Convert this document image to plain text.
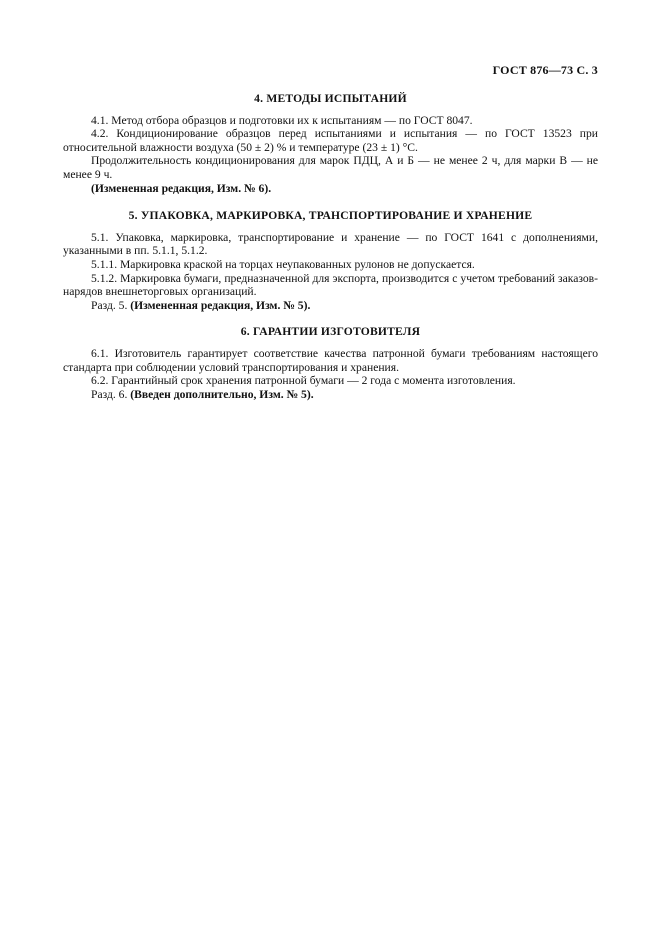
ГОСТ 876—73 С. 3
4. МЕТОДЫ ИСПЫТАНИЙ

4.1. Метод отбора образцов и подготовки их к испытаниям — по ГОСТ 8047.

4.2. Кондиционирование образцов перед испытаниями и испытания — по ГОСТ 13523 при относительной влажности воздуха (50 ± 2) % и температуре (23 ± 1) °С.

Продолжительность кондиционирования для марок ПДЦ, А и Б — не менее 2 ч, для марки В — не менее 9 ч.

(Измененная редакция, Изм. № 6).

5. УПАКОВКА, МАРКИРОВКА, ТРАНСПОРТИРОВАНИЕ И ХРАНЕНИЕ

5.1. Упаковка, маркировка, транспортирование и хранение — по ГОСТ 1641 с дополнениями, указанными в пп. 5.1.1, 5.1.2.

5.1.1. Маркировка краской на торцах неупакованных рулонов не допускается.

5.1.2. Маркировка бумаги, предназначенной для экспорта, производится с учетом требований заказов-нарядов внешнеторговых организаций.

Разд. 5. (Измененная редакция, Изм. № 5).

6. ГАРАНТИИ ИЗГОТОВИТЕЛЯ

6.1. Изготовитель гарантирует соответствие качества патронной бумаги требованиям настоящего стандарта при соблюдении условий транспортирования и хранения.

6.2. Гарантийный срок хранения патронной бумаги — 2 года с момента изготовления.

Разд. 6. (Введен дополнительно, Изм. № 5).
